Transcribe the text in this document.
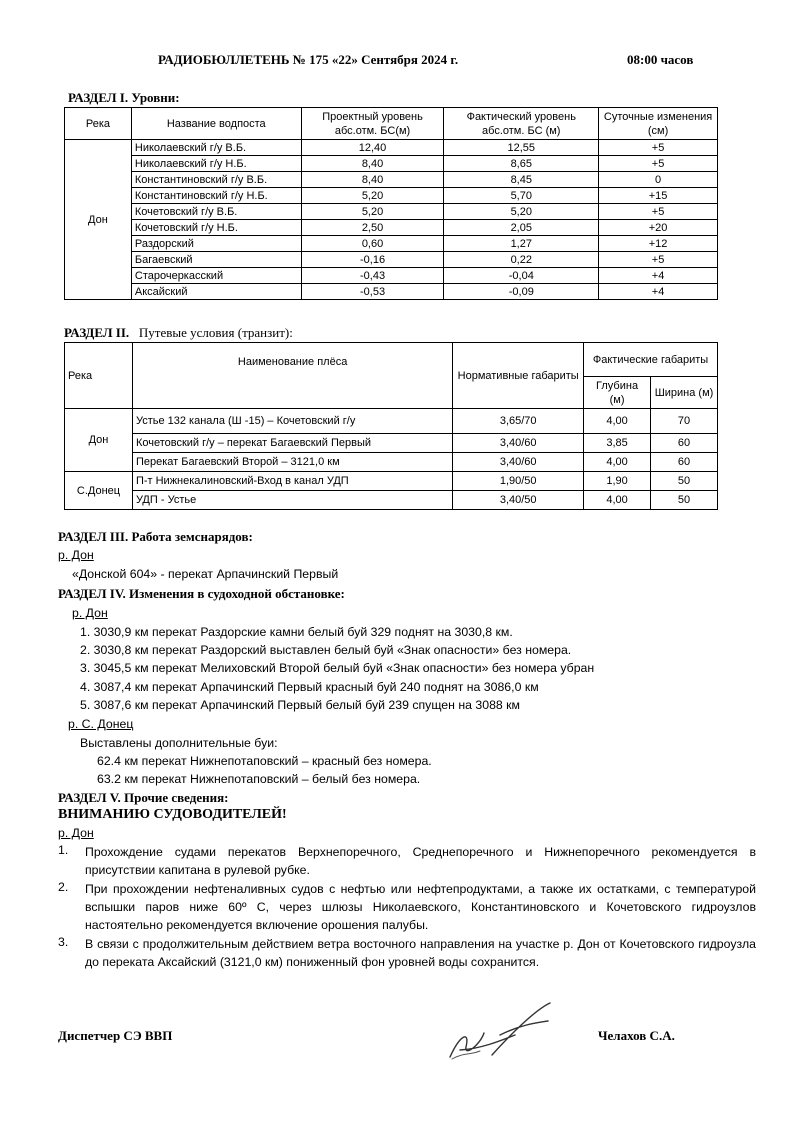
РАДИОБЮЛЛЕТЕНЬ № 175 «22» Сентября 2024 г.	08:00 часов
РАЗДЕЛ I. Уровни:
Река	Название водпоста	Проектный уровень абс.отм. БС(м)	Фактический уровень абс.отм. БС (м)	Суточные изменения (см)
Дон	Николаевский г/у В.Б.	12,40	12,55	+5
	Николаевский г/у Н.Б.	8,40	8,65	+5
	Константиновский г/у В.Б.	8,40	8,45	0
	Константиновский г/у Н.Б.	5,20	5,70	+15
	Кочетовский г/у В.Б.	5,20	5,20	+5
	Кочетовский г/у Н.Б.	2,50	2,05	+20
	Раздорский	0,60	1,27	+12
	Багаевский	-0,16	0,22	+5
	Старочеркасский	-0,43	-0,04	+4
	Аксайский	-0,53	-0,09	+4
РАЗДЕЛ II. Путевые условия (транзит):
Река	Наименование плёса	Нормативные габариты	Фактические габариты	
			Глубина (м)	Ширина (м)
Дон	Устье 132 канала (Ш -15) – Кочетовский г/у	3,65/70	4,00	70
	Кочетовский г/у – перекат Багаевский Первый	3,40/60	3,85	60
	Перекат Багаевский Второй – 3121,0 км	3,40/60	4,00	60
С.Донец	П-т Нижнекалиновский-Вход в канал УДП	1,90/50	1,90	50
	УДП - Устье	3,40/50	4,00	50
РАЗДЕЛ III. Работа земснарядов:
р. Дон
«Донской 604» - перекат Арпачинский Первый
РАЗДЕЛ IV. Изменения в судоходной обстановке:
р. Дон
1. 3030,9 км перекат Раздорские камни белый буй 329 поднят на 3030,8 км.
2. 3030,8 км перекат Раздорский выставлен белый буй «Знак опасности» без номера.
3. 3045,5 км перекат Мелиховский Второй белый буй «Знак опасности» без номера убран
4. 3087,4 км перекат Арпачинский Первый красный буй 240 поднят на 3086,0 км
5. 3087,6 км перекат Арпачинский Первый белый буй 239 спущен на 3088 км
р. С. Донец
Выставлены дополнительные буи:
62.4 км перекат Нижнепотаповский – красный без номера.
63.2 км перекат Нижнепотаповский – белый без номера.
РАЗДЕЛ V. Прочие сведения:
ВНИМАНИЮ СУДОВОДИТЕЛЕЙ!
р. Дон
1. Прохождение судами перекатов Верхнепоречного, Среднепоречного и Нижнепоречного рекомендуется в присутствии капитана в рулевой рубке.
2. При прохождении нефтеналивных судов с нефтью или нефтепродуктами, а также их остатками, с температурой вспышки паров ниже 60º С, через шлюзы Николаевского, Константиновского и Кочетовского гидроузлов настоятельно рекомендуется включение орошения палубы.
3. В связи с продолжительным действием ветра восточного направления на участке р. Дон от Кочетовского гидроузла до переката Аксайский (3121,0 км) пониженный фон уровней воды сохранится.
Диспетчер СЭ ВВП	Челахов С.А.
